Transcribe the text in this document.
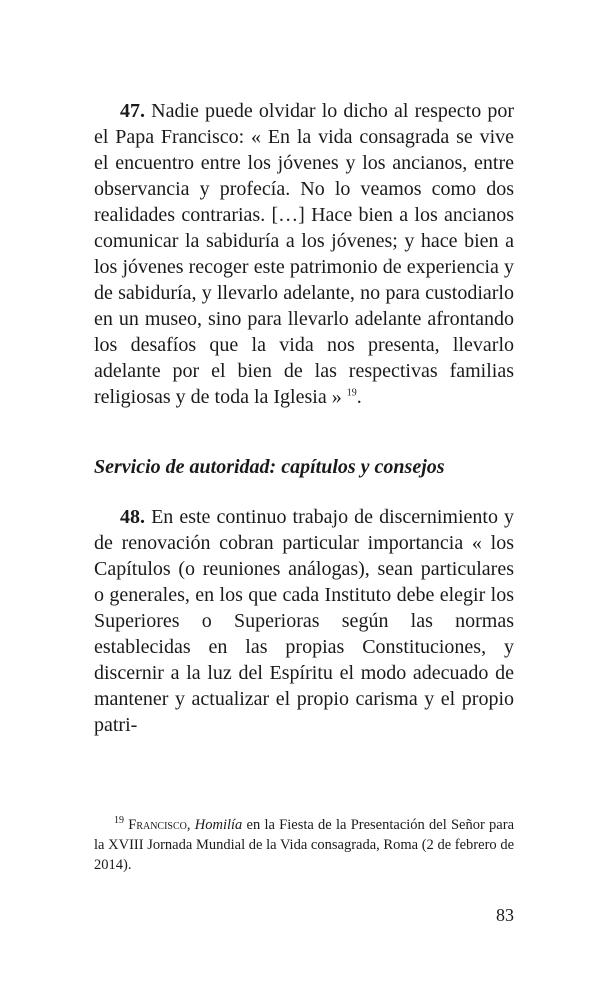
47. Nadie puede olvidar lo dicho al respecto por el Papa Francisco: « En la vida consagrada se vive el encuentro entre los jóvenes y los ancianos, entre observancia y profecía. No lo veamos como dos realidades contrarias. […] Hace bien a los ancianos comunicar la sabiduría a los jóvenes; y hace bien a los jóvenes recoger este patrimonio de experiencia y de sabiduría, y llevarlo adelante, no para custodiarlo en un museo, sino para llevarlo adelante afrontando los desafíos que la vida nos presenta, llevarlo adelante por el bien de las respectivas familias religiosas y de toda la Iglesia » $^{19}$.

Servicio de autoridad: capítulos y consejos

48. En este continuo trabajo de discernimiento y de renovación cobran particular importancia « los Capítulos (o reuniones análogas), sean particulares o generales, en los que cada Instituto debe elegir los Superiores o Superioras según las normas establecidas en las propias Constituciones, y discernir a la luz del Espíritu el modo adecuado de mantener y actualizar el propio carisma y el propio patri-

$^{19}$ Francisco, Homilía en la Fiesta de la Presentación del Señor para la XVIII Jornada Mundial de la Vida consagrada, Roma (2 de febrero de 2014).

83
